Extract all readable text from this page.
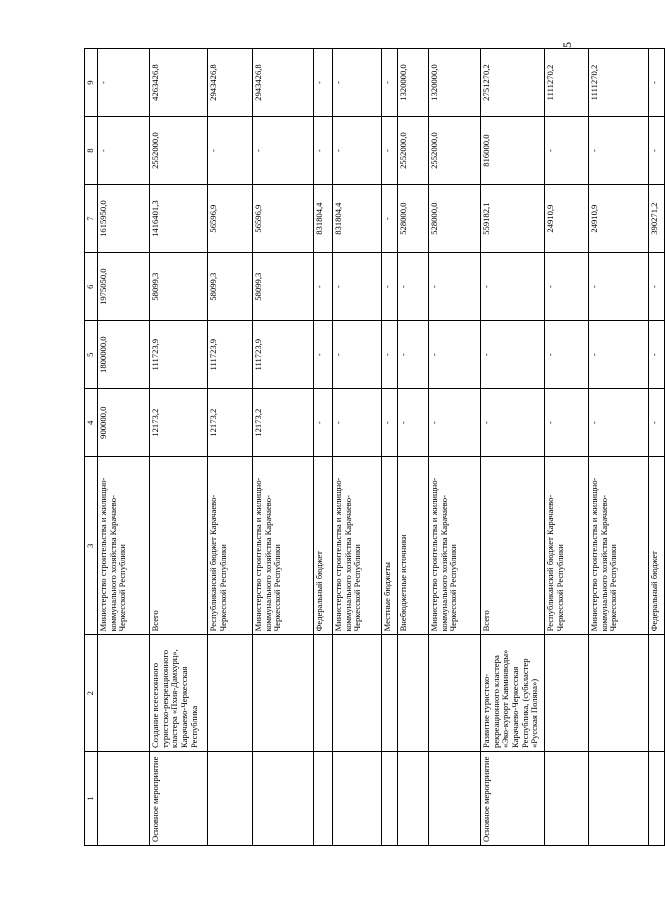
5
1	2	3	4	5	6	7	8	9
		Министерство строительства и жилищно-коммунального хозяйства Карачаево-Черкесской Республики	900000,0	1800000,0	1975050,0	1615950,0	-	-
Основное мероприятие	Создание всесезонного туристско-рекреационного кластера «Пхия-Дамхурц», Карачаево-Черкесская Республика	Всего	12173,2	111723,9	58099,3	1416401,3	2552000,0	4263426,8
		Республиканский бюджет Карачаево-Черкесской Республики	12173,2	111723,9	58099,3	56596,9	-	2943426,8
		Министерство строительства и жилищно-коммунального хозяйства Карачаево-Черкесской Республики	12173,2	111723,9	58099,3	56596,9	-	2943426,8
		Федеральный бюджет	-	-	-	831804,4	-	-
		Министерство строительства и жилищно-коммунального хозяйства Карачаево-Черкесской Республики	-	-	-	831804,4	-	-
		Местные бюджеты	-	-	-	-	-	-
		Внебюджетные источники	-	-	-	528000,0	2552000,0	1320000,0
		Министерство строительства и жилищно-коммунального хозяйства Карачаево-Черкесской Республики	-	-	-	528000,0	2552000,0	1320000,0
Основное мероприятие	Развитие туристско-рекреационного кластера «Эко-курорт Кавминводы» Карачаево-Черкесская Республика, (субкластер «Русская Поляна»)	Всего	-	-	-	559182,1	816000,0	2751270,2
		Республиканский бюджет Карачаево-Черкесской Республики	-	-	-	24910,9	-	1111270,2
		Министерство строительства и жилищно-коммунального хозяйства Карачаево-Черкесской Республики	-	-	-	24910,9	-	1111270,2
		Федеральный бюджет	-	-	-	390271,2	-	-
